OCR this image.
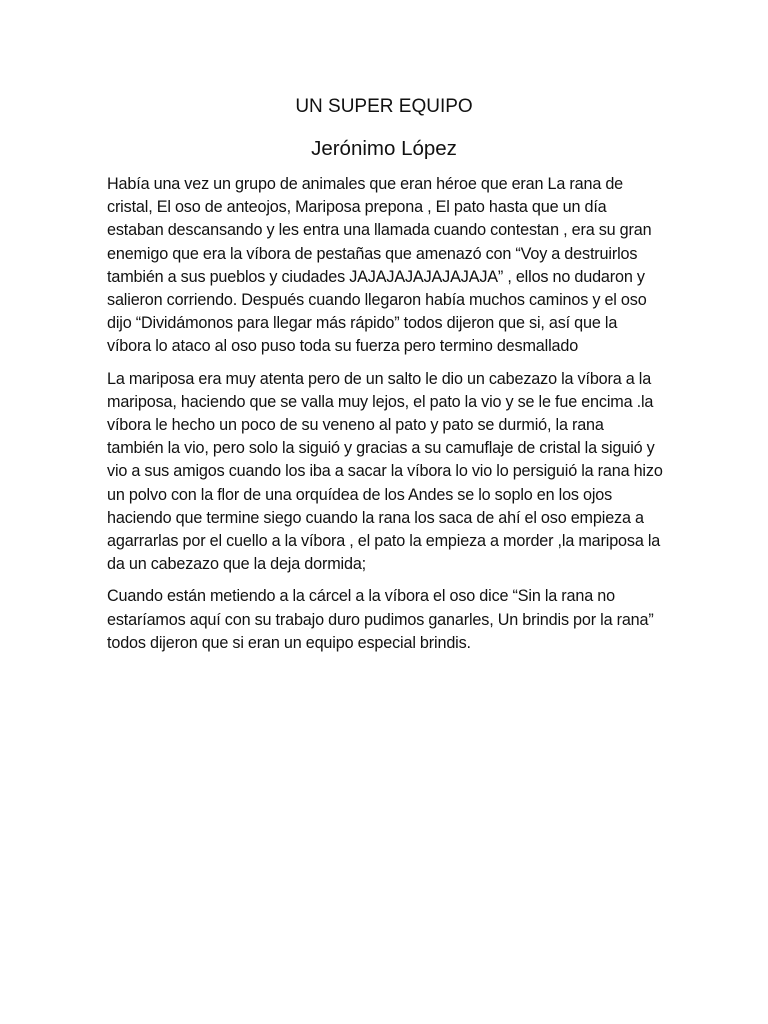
UN SUPER EQUIPO
Jerónimo López

Había una vez un grupo de animales que eran héroe que eran La rana de cristal, El oso de anteojos, Mariposa prepona , El pato hasta que un día estaban descansando y les entra una llamada cuando contestan , era su gran enemigo que era la víbora de pestañas que amenazó con “Voy a destruirlos también a sus pueblos y ciudades JAJAJAJAJAJAJAJA” , ellos no dudaron y salieron corriendo. Después cuando llegaron había muchos caminos y el oso dijo “Dividámonos para llegar más rápido” todos dijeron que si, así que la víbora lo ataco al oso puso toda su fuerza pero termino desmallado

La mariposa era muy atenta pero de un salto le dio un cabezazo la víbora a la mariposa, haciendo que se valla muy lejos, el pato la vio y se le fue encima .la víbora le hecho un poco de su veneno al pato y pato se durmió, la rana también la vio, pero solo la siguió y gracias a su camuflaje de cristal la siguió y vio a sus amigos cuando los iba a sacar la víbora lo vio lo persiguió la rana hizo un polvo con la flor de una orquídea de los Andes se lo soplo en los ojos haciendo que termine siego cuando la rana los saca de ahí el oso empieza a agarrarlas por el cuello a la víbora , el pato la empieza a morder ,la mariposa la da un cabezazo que la deja dormida;

Cuando están metiendo a la cárcel a la víbora el oso dice “Sin la rana no estaríamos aquí con su trabajo duro pudimos ganarles, Un brindis por la rana” todos dijeron que si eran un equipo especial brindis.
